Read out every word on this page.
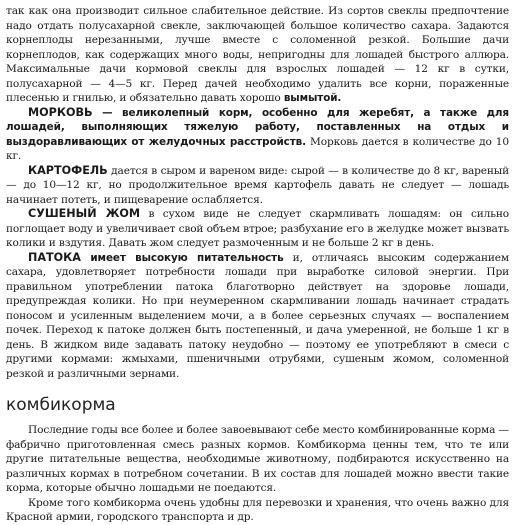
так как она производит сильное слабительное действие. Из сортов свеклы предпочтение надо отдать полусахарной свекле, заключающей большое количество сахара. Задаются корнеплоды нерезанными, лучше вместе с соломенной резкой. Большие дачи корнеплодов, как содержащих много воды, непригодны для лошадей быстрого аллюра. Максимальные дачи кормовой свеклы для взрослых лошадей — 12 кг в сутки, полусахарной — 4—5 кг. Перед дачей необходимо удалить все корни, пораженные плесенью и гнилью, и обязательно давать хорошо вымытой.

МОРКОВЬ — великолепный корм, особенно для жеребят, а также для лошадей, выполняющих тяжелую работу, поставленных на отдых и выздоравливающих от желудочных расстройств. Морковь дается в количестве до 10 кг.

КАРТОФЕЛЬ дается в сыром и вареном виде: сырой — в количестве до 8 кг, вареный — до 10—12 кг, но продолжительное время картофель давать не следует — лошадь начинает потеть, и пищеварение ослабляется.

СУШЕНЫЙ ЖОМ в сухом виде не следует скармливать лошадям: он сильно поглощает воду и увеличивает свой объем втрое; разбухание его в желудке может вызвать колики и вздутия. Давать жом следует размоченным и не больше 2 кг в день.

ПАТОКА имеет высокую питательность и, отличаясь высоким содержанием сахара, удовлетворяет потребности лошади при выработке силовой энергии. При правильном употреблении патока благотворно действует на здоровье лошади, предупреждая колики. Но при неумеренном скармливании лошадь начинает страдать поносом и усиленным выделением мочи, а в более серьезных случаях — воспалением почек. Переход к патоке должен быть постепенный, и дача умеренной, не больше 1 кг в день. В жидком виде задавать патоку неудобно — поэтому ее употребляют в смеси с другими кормами: жмыхами, пшеничными отрубями, сушеным жомом, соломенной резкой и различными зернами.

комбикорма

Последние годы все более и более завоевывают себе место комбинированные корма — фабрично приготовленная смесь разных кормов. Комбикорма ценны тем, что те или другие питательные вещества, необходимые животному, подбираются искусственно на различных кормах в потребном сочетании. В их состав для лошадей можно ввести такие корма, которые обычно лошадьми не поедаются.

Кроме того комбикорма очень удобны для перевозки и хранения, что очень важно для Красной армии, городского транспорта и др.
